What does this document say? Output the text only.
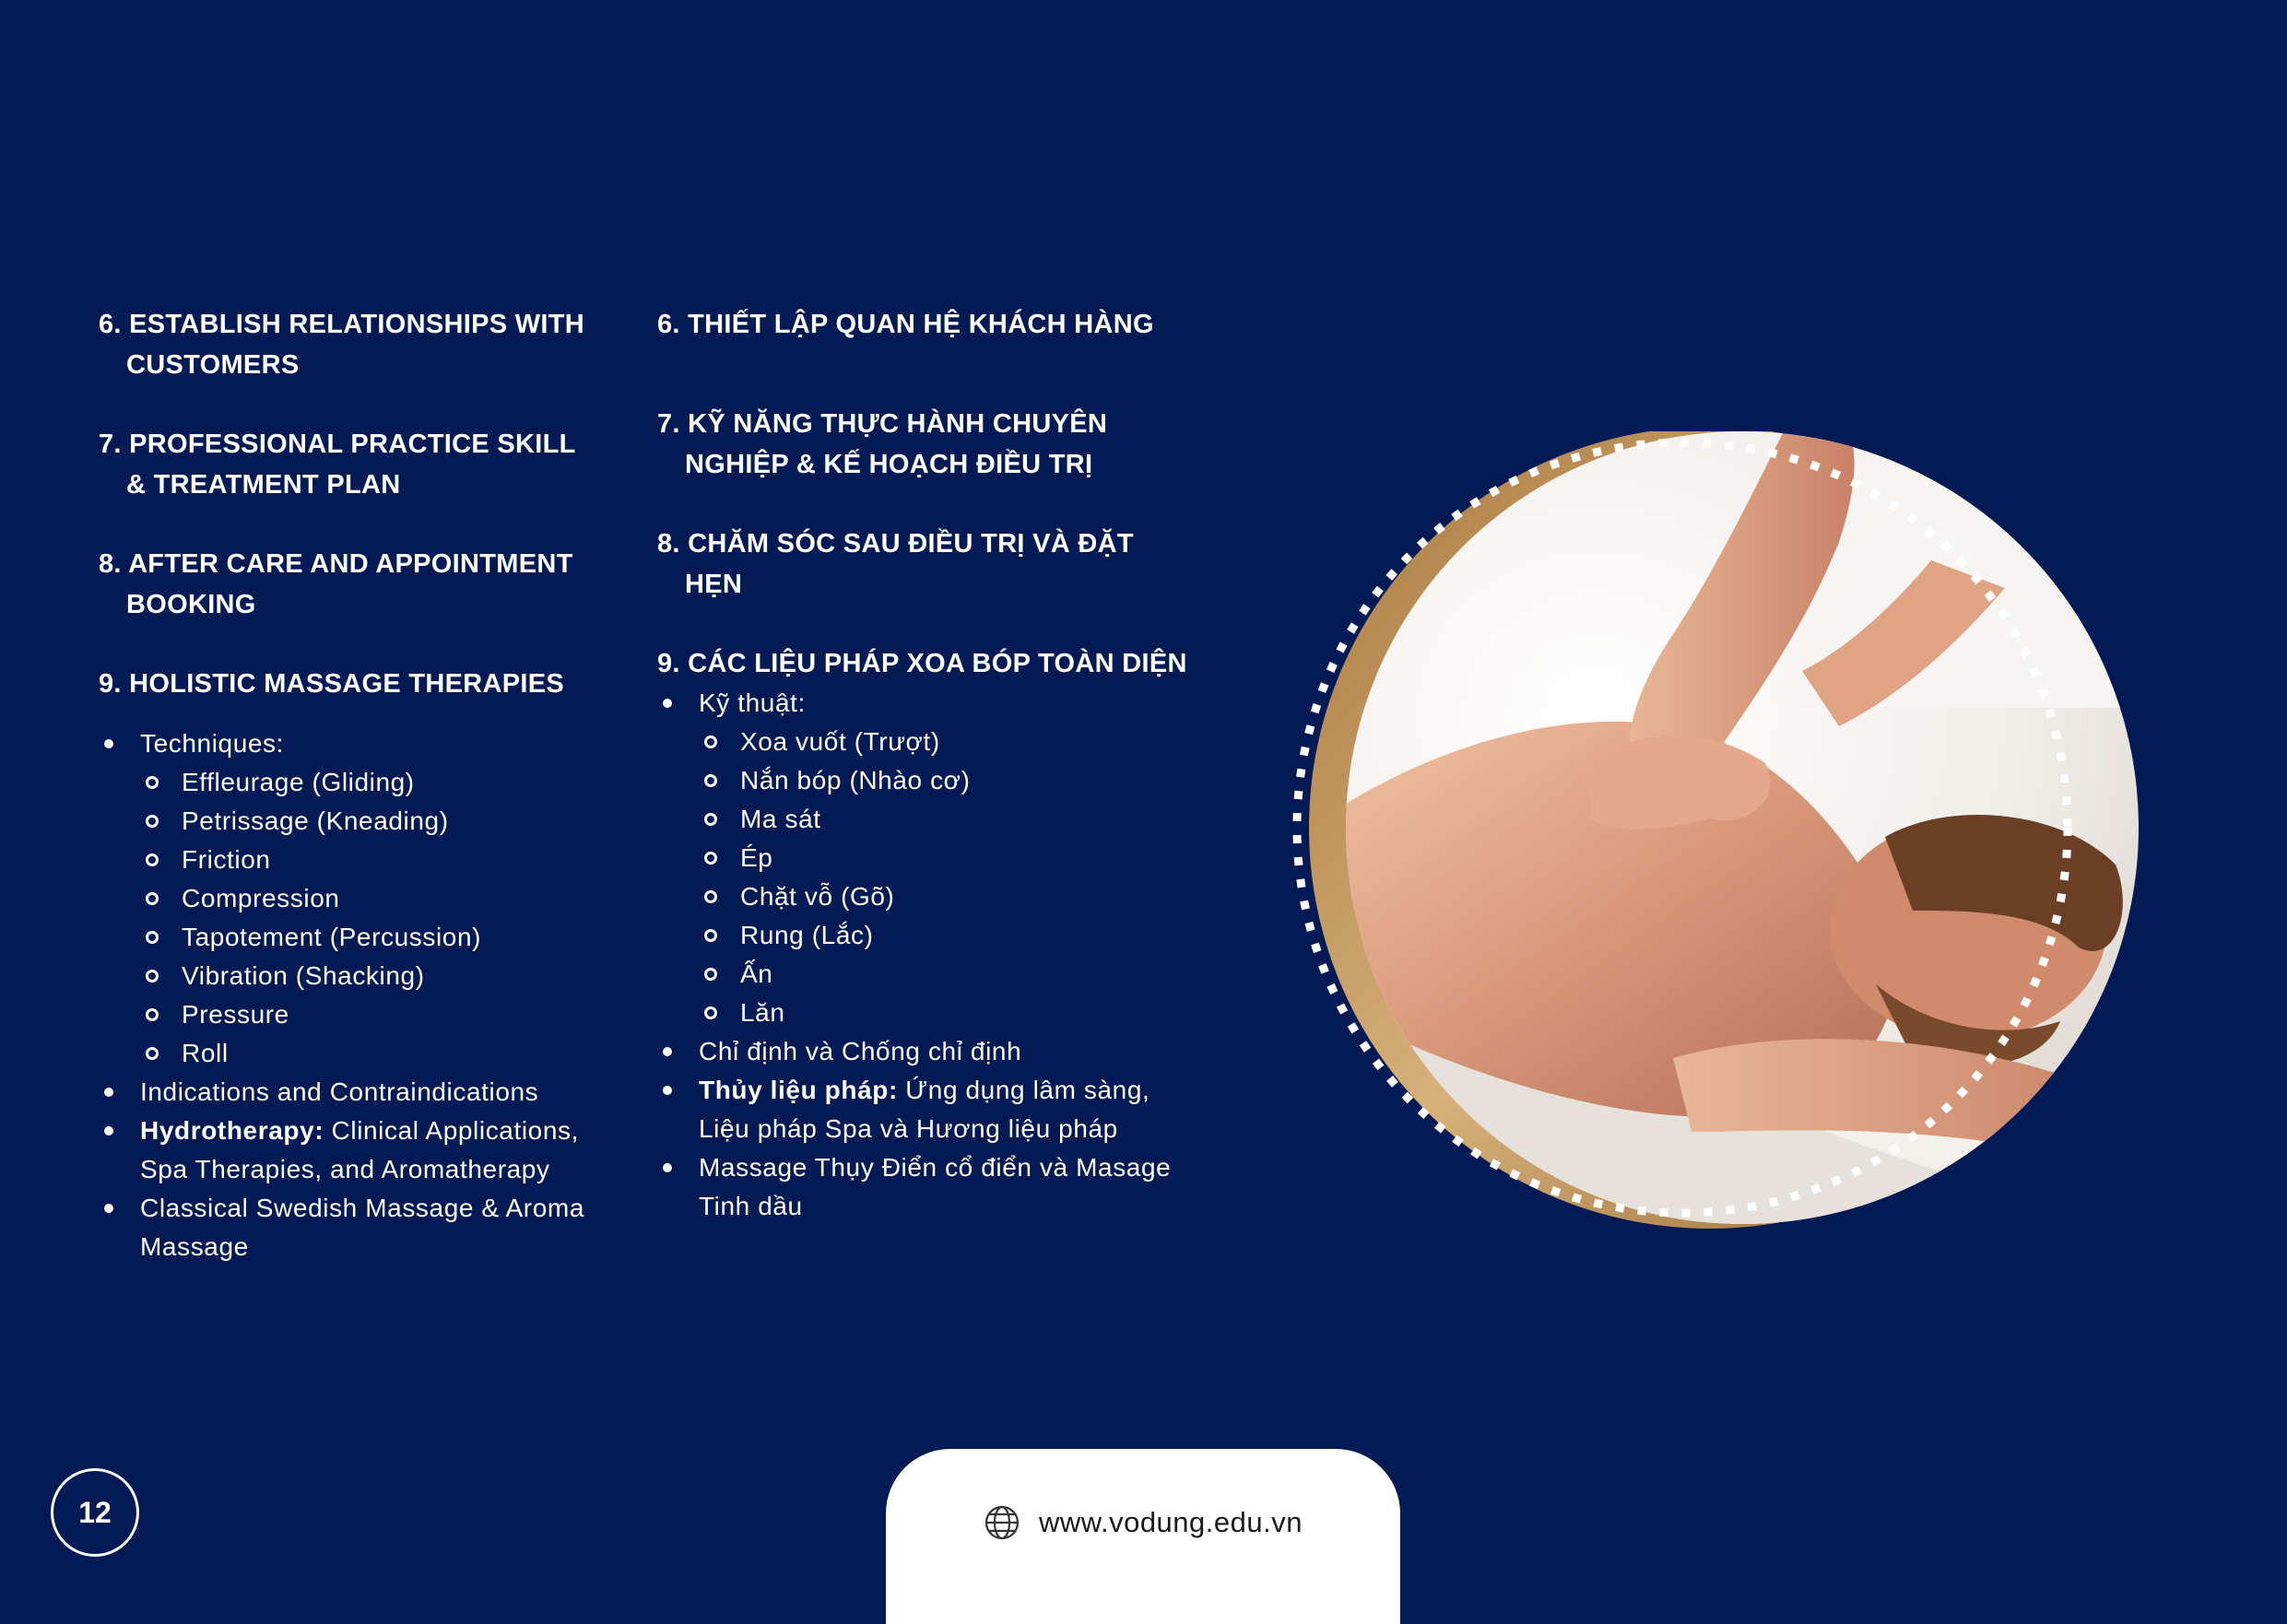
6. ESTABLISH RELATIONSHIPS WITH CUSTOMERS
7. PROFESSIONAL PRACTICE SKILL & TREATMENT PLAN
8. AFTER CARE AND APPOINTMENT BOOKING
9. HOLISTIC MASSAGE THERAPIES
Techniques:
Effleurage (Gliding)
Petrissage (Kneading)
Friction
Compression
Tapotement (Percussion)
Vibration (Shacking)
Pressure
Roll
Indications and Contraindications
Hydrotherapy: Clinical Applications, Spa Therapies, and Aromatherapy
Classical Swedish Massage & Aroma Massage
6. THIẾT LẬP QUAN HỆ KHÁCH HÀNG
7. KỸ NĂNG THỰC HÀNH CHUYÊN NGHIỆP & KẾ HOẠCH ĐIỀU TRỊ
8. CHĂM SÓC SAU ĐIỀU TRỊ VÀ ĐẶT HẸN
9. CÁC LIỆU PHÁP XOA BÓP TOÀN DIỆN
Kỹ thuật:
Xoa vuốt (Trượt)
Nắn bóp (Nhào cơ)
Ma sát
Ép
Chặt vỗ (Gõ)
Rung (Lắc)
Ấn
Lăn
Chỉ định và Chống chỉ định
Thủy liệu pháp: Ứng dụng lâm sàng, Liệu pháp Spa và Hương liệu pháp
Massage Thụy Điển cổ điển và Masage Tinh dầu
12	www.vodung.edu.vn
